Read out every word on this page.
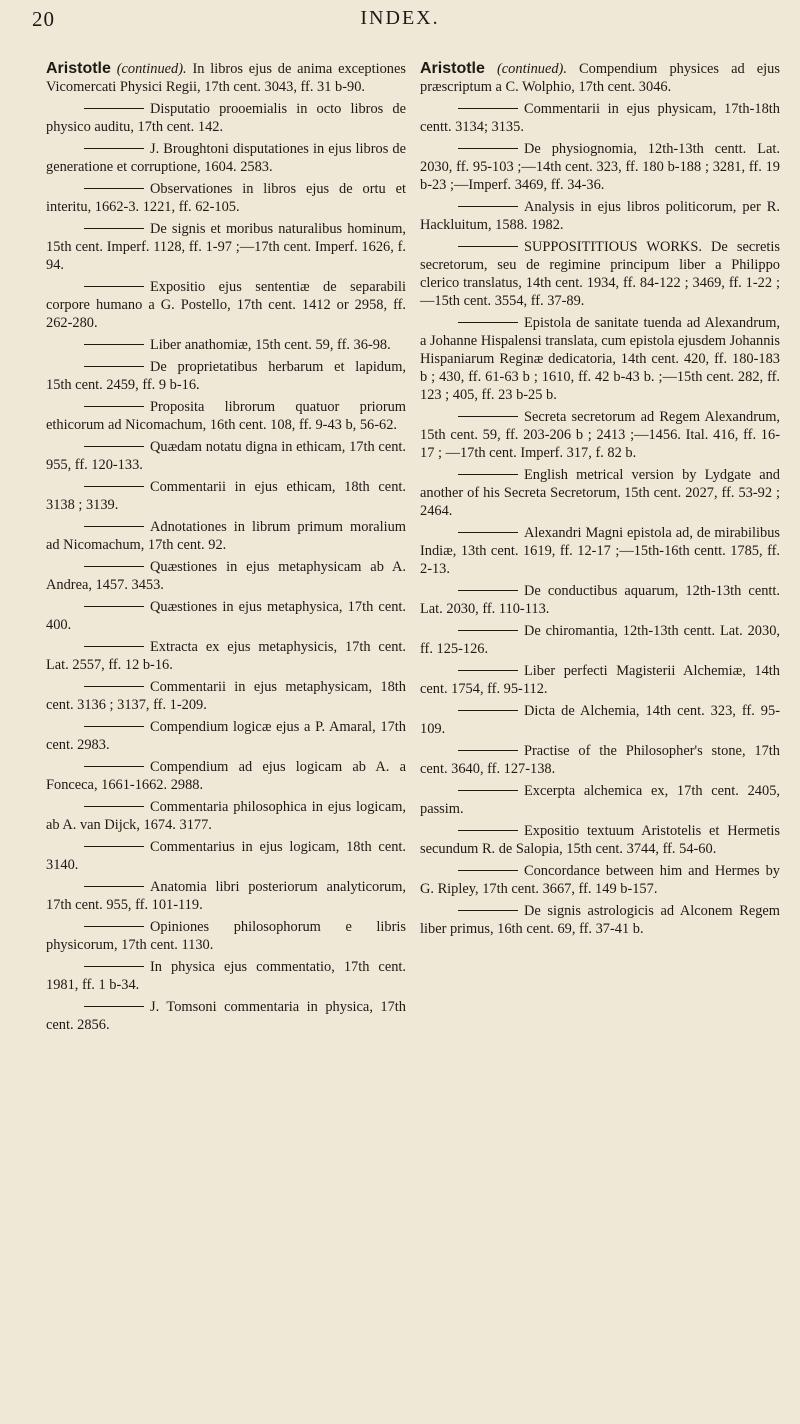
20	INDEX.

Aristotle (continued). In libros ejus de anima exceptiones Vicomercati Physici Regii, 17th cent. 3043, ff. 31 b-90.

Disputatio prooemialis in octo libros de physico auditu, 17th cent. 142.

J. Broughtoni disputationes in ejus libros de generatione et corruptione, 1604. 2583.

Observationes in libros ejus de ortu et interitu, 1662-3. 1221, ff. 62-105.

De signis et moribus naturalibus hominum, 15th cent. Imperf. 1128, ff. 1-97 ;—17th cent. Imperf. 1626, f. 94.

Expositio ejus sententiæ de separabili corpore humano a G. Postello, 17th cent. 1412 or 2958, ff. 262-280.

Liber anathomiæ, 15th cent. 59, ff. 36-98.

De proprietatibus herbarum et lapidum, 15th cent. 2459, ff. 9 b-16.

Proposita librorum quatuor priorum ethicorum ad Nicomachum, 16th cent. 108, ff. 9-43 b, 56-62.

Quædam notatu digna in ethicam, 17th cent. 955, ff. 120-133.

Commentarii in ejus ethicam, 18th cent. 3138 ; 3139.

Adnotationes in librum primum moralium ad Nicomachum, 17th cent. 92.

Quæstiones in ejus metaphysicam ab A. Andrea, 1457. 3453.

Quæstiones in ejus metaphysica, 17th cent. 400.

Extracta ex ejus metaphysicis, 17th cent. Lat. 2557, ff. 12 b-16.

Commentarii in ejus metaphysicam, 18th cent. 3136 ; 3137, ff. 1-209.

Compendium logicæ ejus a P. Amaral, 17th cent. 2983.

Compendium ad ejus logicam ab A. a Fonceca, 1661-1662. 2988.

Commentaria philosophica in ejus logicam, ab A. van Dijck, 1674. 3177.

Commentarius in ejus logicam, 18th cent. 3140.

Anatomia libri posteriorum analyticorum, 17th cent. 955, ff. 101-119.

Opiniones philosophorum e libris physicorum, 17th cent. 1130.

In physica ejus commentatio, 17th cent. 1981, ff. 1 b-34.

J. Tomsoni commentaria in physica, 17th cent. 2856.

Aristotle (continued). Compendium physices ad ejus præscriptum a C. Wolphio, 17th cent. 3046.

Commentarii in ejus physicam, 17th-18th centt. 3134; 3135.

De physiognomia, 12th-13th centt. Lat. 2030, ff. 95-103 ;—14th cent. 323, ff. 180 b-188 ; 3281, ff. 19 b-23 ;—Imperf. 3469, ff. 34-36.

Analysis in ejus libros politicorum, per R. Hackluitum, 1588. 1982.

SUPPOSITITIOUS WORKS. De secretis secretorum, seu de regimine principum liber a Philippo clerico translatus, 14th cent. 1934, ff. 84-122 ; 3469, ff. 1-22 ; —15th cent. 3554, ff. 37-89.

Epistola de sanitate tuenda ad Alexandrum, a Johanne Hispalensi translata, cum epistola ejusdem Johannis Hispaniarum Reginæ dedicatoria, 14th cent. 420, ff. 180-183 b ; 430, ff. 61-63 b ; 1610, ff. 42 b-43 b. ;—15th cent. 282, ff. 123 ; 405, ff. 23 b-25 b.

Secreta secretorum ad Regem Alexandrum, 15th cent. 59, ff. 203-206 b ; 2413 ;—1456. Ital. 416, ff. 16-17 ; —17th cent. Imperf. 317, f. 82 b.

English metrical version by Lydgate and another of his Secreta Secretorum, 15th cent. 2027, ff. 53-92 ; 2464.

Alexandri Magni epistola ad, de mirabilibus Indiæ, 13th cent. 1619, ff. 12-17 ;—15th-16th centt. 1785, ff. 2-13.

De conductibus aquarum, 12th-13th centt. Lat. 2030, ff. 110-113.

De chiromantia, 12th-13th centt. Lat. 2030, ff. 125-126.

Liber perfecti Magisterii Alchemiæ, 14th cent. 1754, ff. 95-112.

Dicta de Alchemia, 14th cent. 323, ff. 95-109.

Practise of the Philosopher's stone, 17th cent. 3640, ff. 127-138.

Excerpta alchemica ex, 17th cent. 2405, passim.

Expositio textuum Aristotelis et Hermetis secundum R. de Salopia, 15th cent. 3744, ff. 54-60.

Concordance between him and Hermes by G. Ripley, 17th cent. 3667, ff. 149 b-157.

De signis astrologicis ad Alconem Regem liber primus, 16th cent. 69, ff. 37-41 b.
